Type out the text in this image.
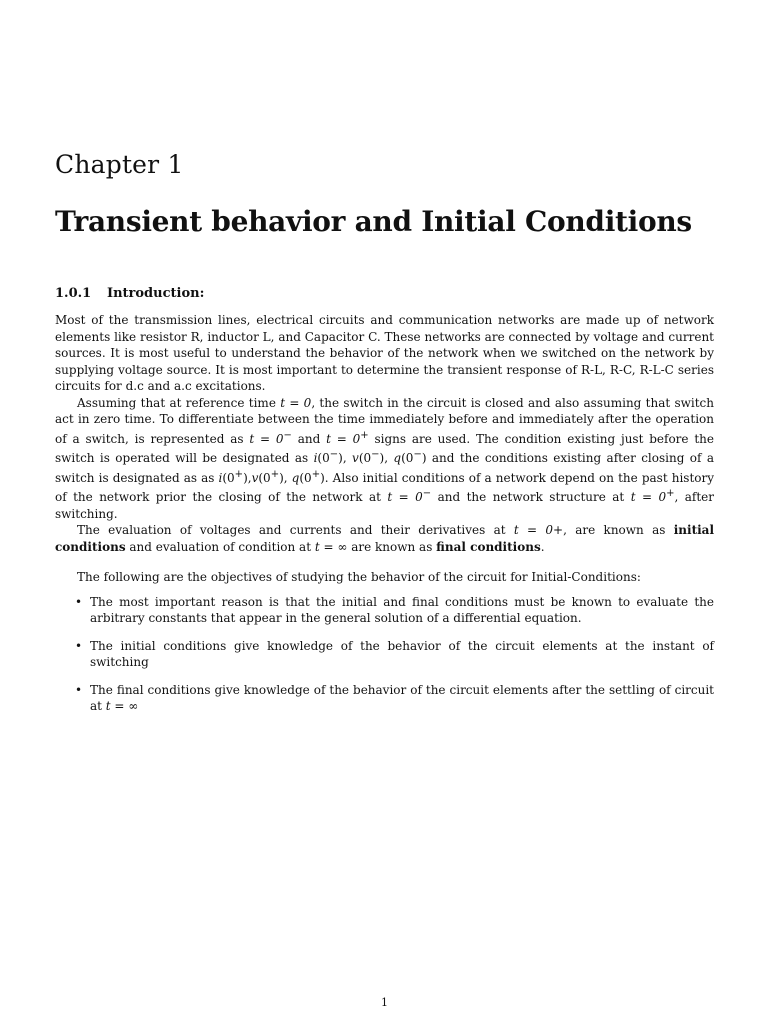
Chapter 1
Transient behavior and Initial Conditions
1.0.1 Introduction:

Most of the transmission lines, electrical circuits and communication networks are made up of network elements like resistor R, inductor L, and Capacitor C. These networks are connected by voltage and current sources. It is most useful to understand the behavior of the network when we switched on the network by supplying voltage source. It is most important to determine the transient response of R-L, R-C, R-L-C series circuits for d.c and a.c excitations.

Assuming that at reference time t = 0, the switch in the circuit is closed and also assuming that switch act in zero time. To differentiate between the time immediately before and immediately after the operation of a switch, is represented as t = 0− and t = 0+ signs are used. The condition existing just before the switch is operated will be designated as i(0−), v(0−), q(0−) and the conditions existing after closing of a switch is designated as as i(0+),v(0+), q(0+). Also initial conditions of a network depend on the past history of the network prior the closing of the network at t = 0− and the network structure at t = 0+, after switching.

The evaluation of voltages and currents and their derivatives at t = 0+, are known as initial conditions and evaluation of condition at t = ∞ are known as final conditions.

The following are the objectives of studying the behavior of the circuit for Initial-Conditions:

• The most important reason is that the initial and final conditions must be known to evaluate the arbitrary constants that appear in the general solution of a differential equation.
• The initial conditions give knowledge of the behavior of the circuit elements at the instant of switching
• The final conditions give knowledge of the behavior of the circuit elements after the settling of circuit at t = ∞
1
